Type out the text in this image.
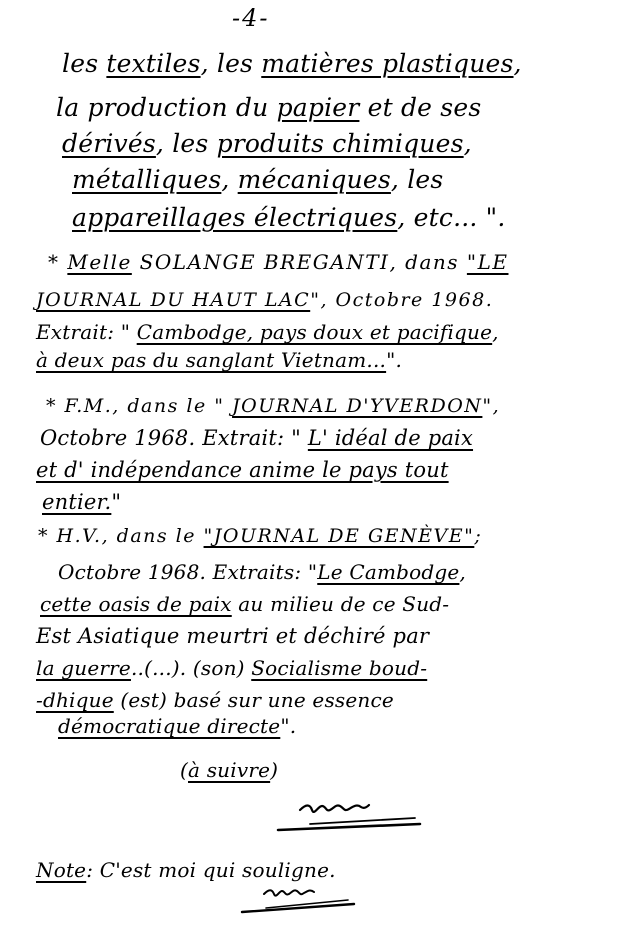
-4-
les textiles, les matières plastiques,
la production du papier et de ses
dérivés, les produits chimiques,
métalliques, mécaniques, les
appareillages électriques, etc... ".
* Melle SOLANGE BREGANTI, dans "LE
JOURNAL DU HAUT LAC", Octobre 1968.
Extrait: " Cambodge, pays doux et pacifique,
à deux pas du sanglant Vietnam...".
* F.M., dans le " JOURNAL D'YVERDON",
Octobre 1968. Extrait: " L' idéal de paix
et d' indépendance anime le pays tout
entier."
* H.V., dans le "JOURNAL DE GENÈVE";
Octobre 1968. Extraits: "Le Cambodge,
cette oasis de paix au milieu de ce Sud-
Est Asiatique meurtri et déchiré par
la guerre..(...). (son) Socialisme boud-
-dhique (est) basé sur une essence
démocratique directe".
(à suivre)
Note: C'est moi qui souligne.
